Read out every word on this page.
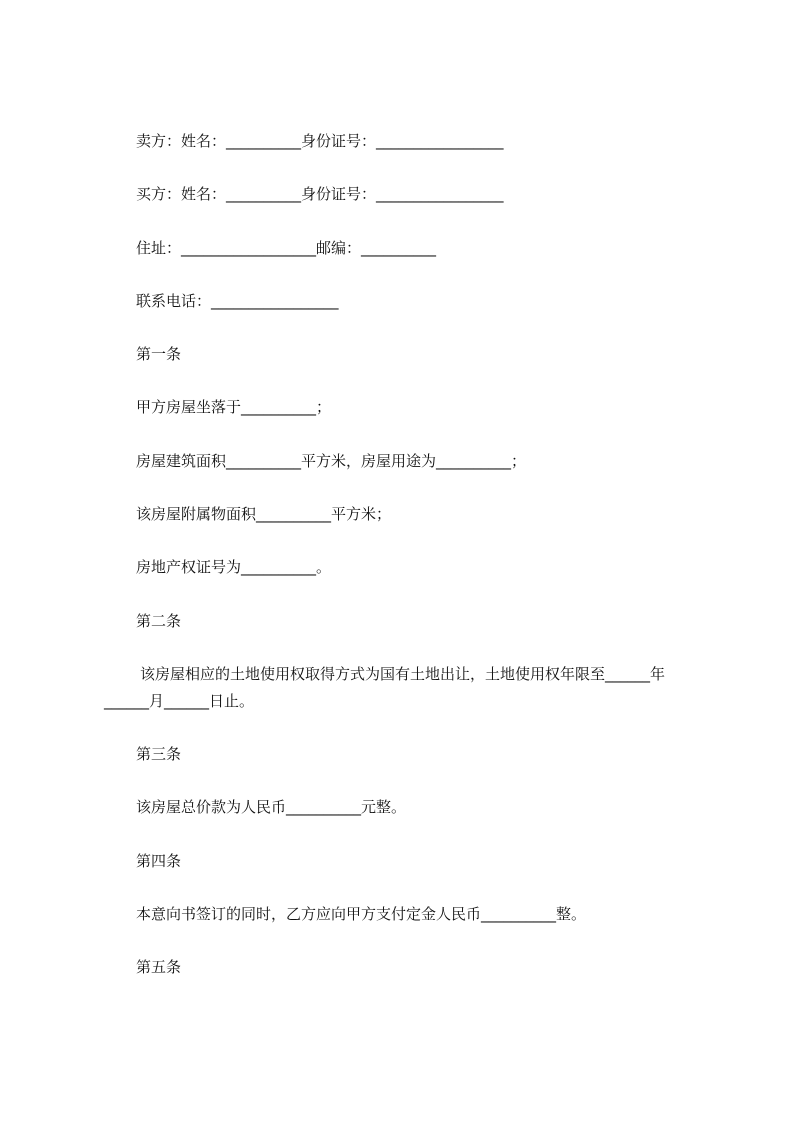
卖方：姓名：__________身份证号：_________________
买方：姓名：__________身份证号：_________________
住址：__________________邮编：__________
联系电话：_________________
第一条
甲方房屋坐落于__________；
房屋建筑面积__________平方米，房屋用途为__________；
该房屋附属物面积__________平方米；
房地产权证号为__________。
第二条
该房屋相应的土地使用权取得方式为国有土地出让，土地使用权年限至______年
______月______日止。
第三条
该房屋总价款为人民币__________元整。
第四条
本意向书签订的同时，乙方应向甲方支付定金人民币__________整。
第五条
